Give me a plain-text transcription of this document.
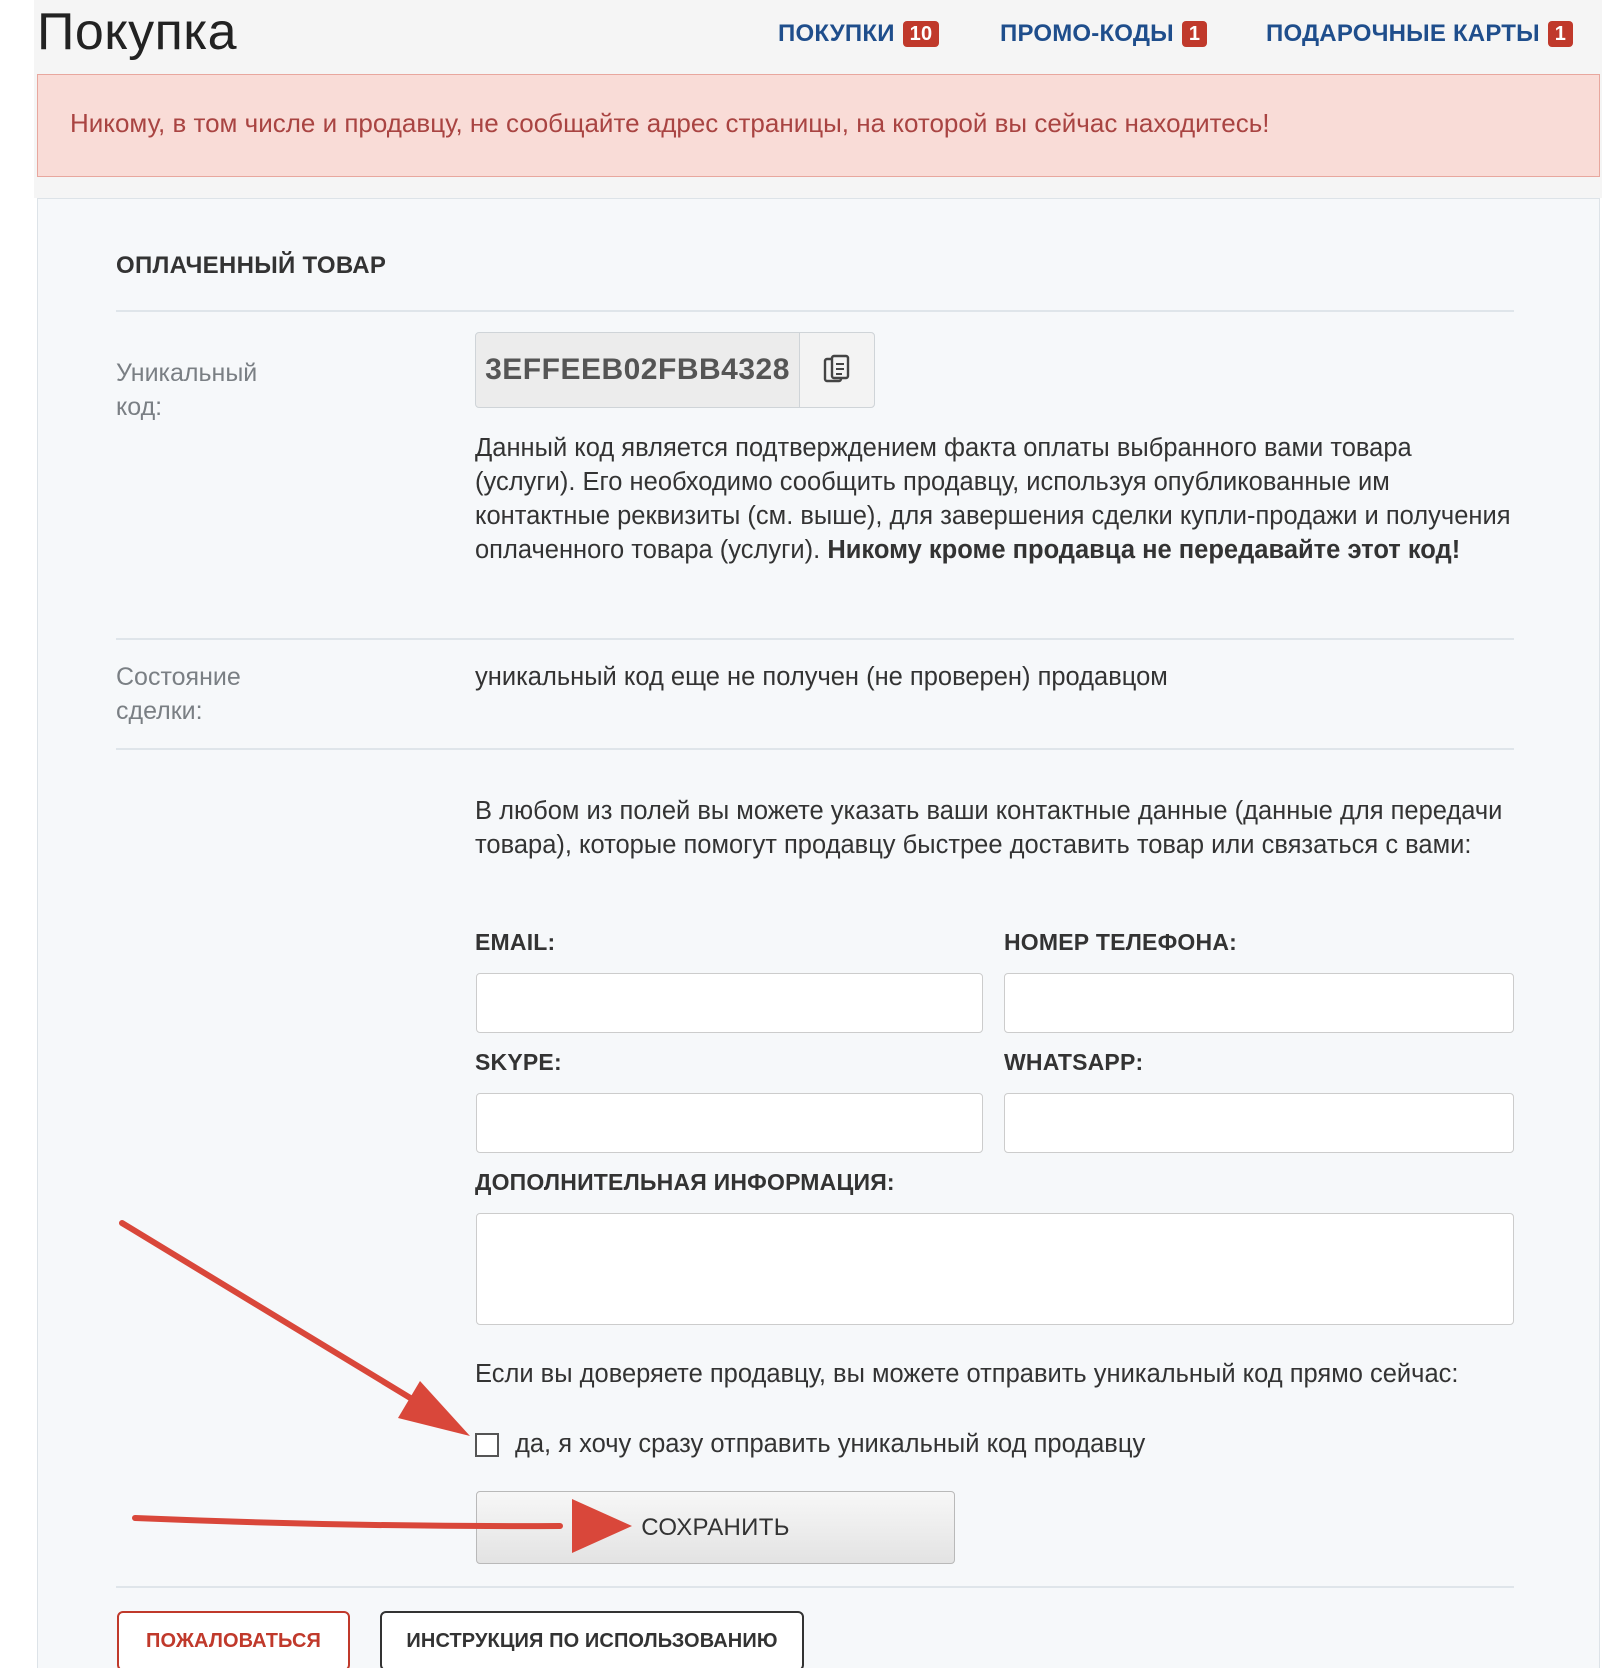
Покупка	ПОКУПКИ 10	ПРОМО-КОДЫ 1	ПОДАРОЧНЫЕ КАРТЫ 1
Никому, в том числе и продавцу, не сообщайте адрес страницы, на которой вы сейчас находитесь!
ОПЛАЧЕННЫЙ ТОВАР
Уникальный
код:
3EFFEEB02FBB4328
Данный код является подтверждением факта оплаты выбранного вами товара (услуги). Его необходимо сообщить продавцу, используя опубликованные им контактные реквизиты (см. выше), для завершения сделки купли-продажи и получения оплаченного товара (услуги). Никому кроме продавца не передавайте этот код!
Состояние
сделки:
уникальный код еще не получен (не проверен) продавцом
В любом из полей вы можете указать ваши контактные данные (данные для передачи товара), которые помогут продавцу быстрее доставить товар или связаться с вами:
EMAIL:	НОМЕР ТЕЛЕФОНА:
SKYPE:	WHATSAPP:
ДОПОЛНИТЕЛЬНАЯ ИНФОРМАЦИЯ:
Если вы доверяете продавцу, вы можете отправить уникальный код прямо сейчас:
да, я хочу сразу отправить уникальный код продавцу
СОХРАНИТЬ
ПОЖАЛОВАТЬСЯ	ИНСТРУКЦИЯ ПО ИСПОЛЬЗОВАНИЮ
